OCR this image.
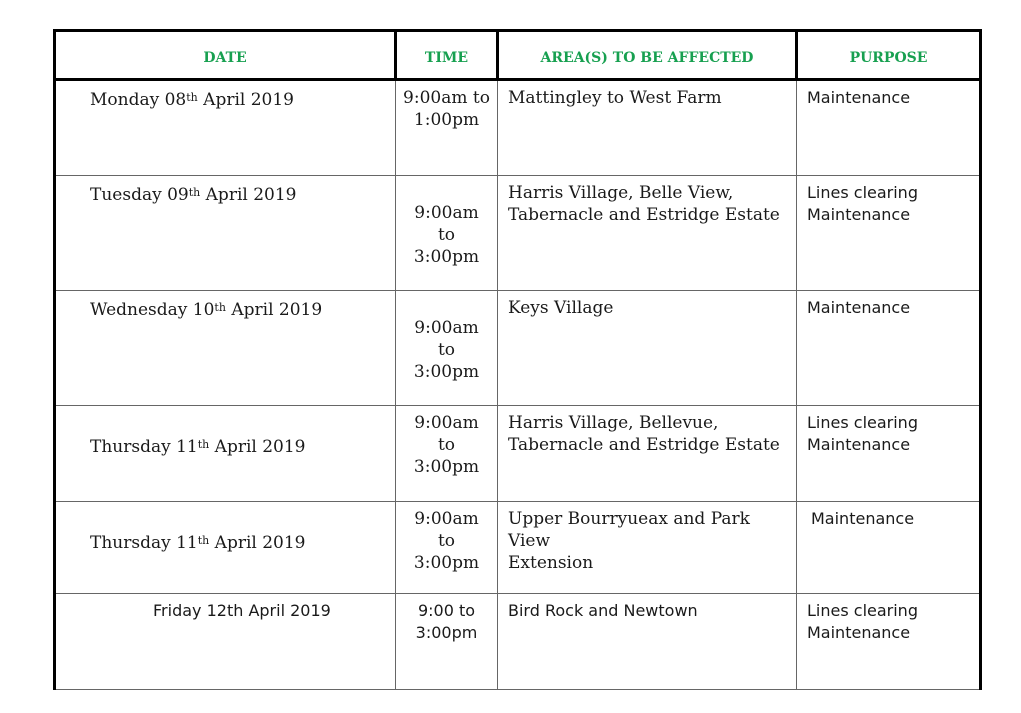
DATE	TIME	AREA(S) TO BE AFFECTED	PURPOSE
Monday 08th April 2019	9:00am to
1:00pm	Mattingley to West Farm	Maintenance

Tuesday 09th April 2019	9:00am
to
3:00pm	Harris Village, Belle View,
Tabernacle and Estridge Estate	Lines clearing
Maintenance

Wednesday 10th April 2019	9:00am
to
3:00pm	Keys Village	Maintenance

Thursday 11th April 2019	9:00am
to
3:00pm	Harris Village, Bellevue,
Tabernacle and Estridge Estate	Lines clearing
Maintenance

Thursday 11th April 2019	9:00am
to
3:00pm	Upper Bourryueax and Park View
Extension	Maintenance

Friday 12th April 2019	9:00 to
3:00pm	Bird Rock and Newtown	Lines clearing
Maintenance
